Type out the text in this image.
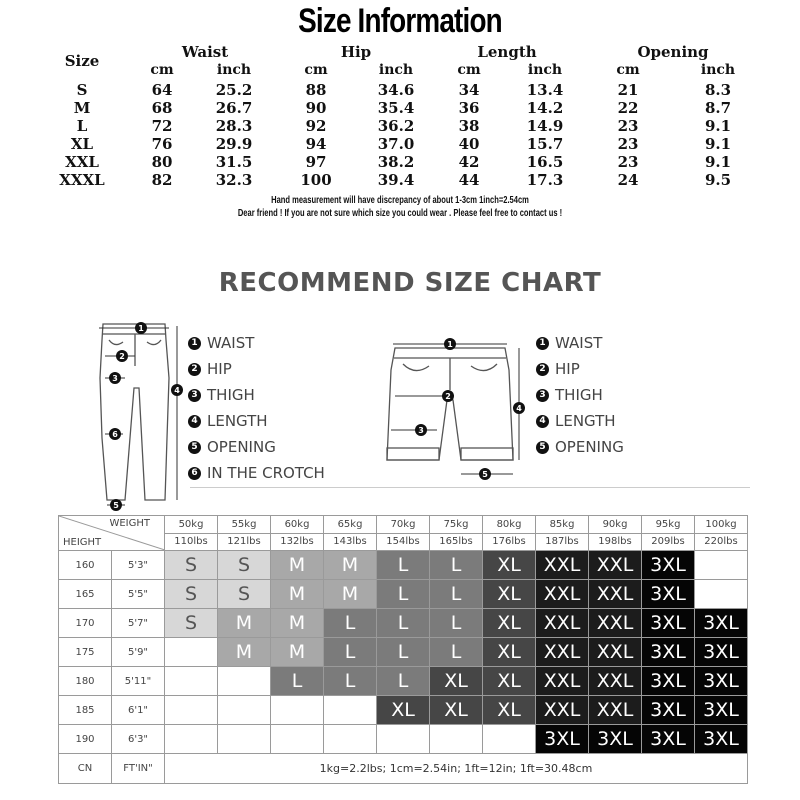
Size Information
Size	Waist	Hip	Length	Opening
cm	inch	cm	inch	cm	inch	cm	inch
S	64	25.2	88	34.6	34	13.4	21	8.3
M	68	26.7	90	35.4	36	14.2	22	8.7
L	72	28.3	92	36.2	38	14.9	23	9.1
XL	76	29.9	94	37.0	40	15.7	23	9.1
XXL	80	31.5	97	38.2	42	16.5	23	9.1
XXXL	82	32.3	100	39.4	44	17.3	24	9.5
Hand measurement will have discrepancy of about 1-3cm 1inch=2.54cm
Dear friend ! If you are not sure which size you could wear . Please feel free to contact us !
RECOMMEND SIZE CHART
1
2
3
4
6
5
1 WAIST
2 HIP
3 THIGH
4 LENGTH
5 OPENING
6 IN THE CROTCH
1
2
3
4
5
1 WAIST
2 HIP
3 THIGH
4 LENGTH
5 OPENING
WEIGHT
HEIGHT		50kg	55kg	60kg	65kg	70kg	75kg	80kg	85kg	90kg	95kg	100kg
		110lbs	121lbs	132lbs	143lbs	154lbs	165lbs	176lbs	187lbs	198lbs	209lbs	220lbs
160	5'3"	S	S	M	M	L	L	XL	XXL	XXL	3XL	
165	5'5"	S	S	M	M	L	L	XL	XXL	XXL	3XL	
170	5'7"	S	M	M	L	L	L	XL	XXL	XXL	3XL	3XL
175	5'9"		M	M	L	L	L	XL	XXL	XXL	3XL	3XL
180	5'11"			L	L	L	XL	XL	XXL	XXL	3XL	3XL
185	6'1"					XL	XL	XL	XXL	XXL	3XL	3XL
190	6'3"								3XL	3XL	3XL	3XL
CN	FT'IN"	1kg=2.2lbs; 1cm=2.54in; 1ft=12in; 1ft=30.48cm										
